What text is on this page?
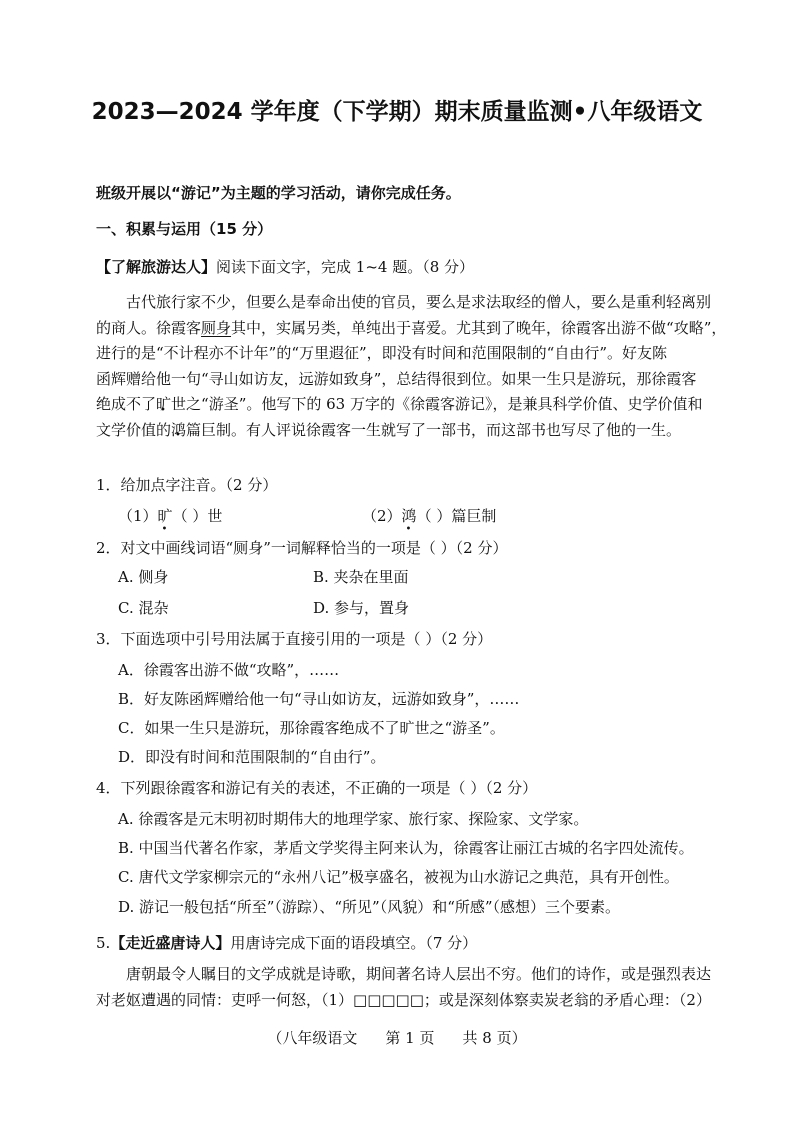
2023—2024 学年度（下学期）期末质量监测•八年级语文
班级开展以“游记”为主题的学习活动，请你完成任务。
一、积累与运用（15 分）
【了解旅游达人】阅读下面文字，完成 1~4 题。（8 分）

古代旅行家不少，但要么是奉命出使的官员，要么是求法取经的僧人，要么是重利轻离别

的商人。徐霞客厕身其中，实属另类，单纯出于喜爱。尤其到了晚年，徐霞客出游不做“攻略”，

进行的是“不计程亦不计年”的“万里遐征”，即没有时间和范围限制的“自由行”。好友陈

函辉赠给他一句“寻山如访友，远游如致身”，总结得很到位。如果一生只是游玩，那徐霞客

绝成不了旷世之“游圣”。他写下的 63 万字的《徐霞客游记》，是兼具科学价值、史学价值和

文学价值的鸿篇巨制。有人评说徐霞客一生就写了一部书，而这部书也写尽了他的一生。

1．给加点字注音。（2 分）
（1）旷（ ）世	（2）鸿（ ）篇巨制
2．对文中画线词语“厕身”一词解释恰当的一项是（ ）（2 分）
A. 侧身	B. 夹杂在里面
C. 混杂	D. 参与，置身
3．下面选项中引号用法属于直接引用的一项是（ ）（2 分）
A．徐霞客出游不做“攻略”，……
B．好友陈函辉赠给他一句“寻山如访友，远游如致身”，……
C．如果一生只是游玩，那徐霞客绝成不了旷世之“游圣”。
D．即没有时间和范围限制的“自由行”。
4．下列跟徐霞客和游记有关的表述，不正确的一项是（ ）（2 分）
A. 徐霞客是元末明初时期伟大的地理学家、旅行家、探险家、文学家。
B. 中国当代著名作家，茅盾文学奖得主阿来认为，徐霞客让丽江古城的名字四处流传。
C. 唐代文学家柳宗元的“永州八记”极享盛名，被视为山水游记之典范，具有开创性。
D. 游记一般包括“所至”（游踪）、“所见”（风貌）和“所感”（感想）三个要素。
5.【走近盛唐诗人】用唐诗完成下面的语段填空。（7 分）

唐朝最令人瞩目的文学成就是诗歌，期间著名诗人层出不穷。他们的诗作，或是强烈表达

对老妪遭遇的同情：吏呼一何怒，（1）□□□□□；或是深刻体察卖炭老翁的矛盾心理：（2）

（八年级语文 第 1 页 共 8 页）
